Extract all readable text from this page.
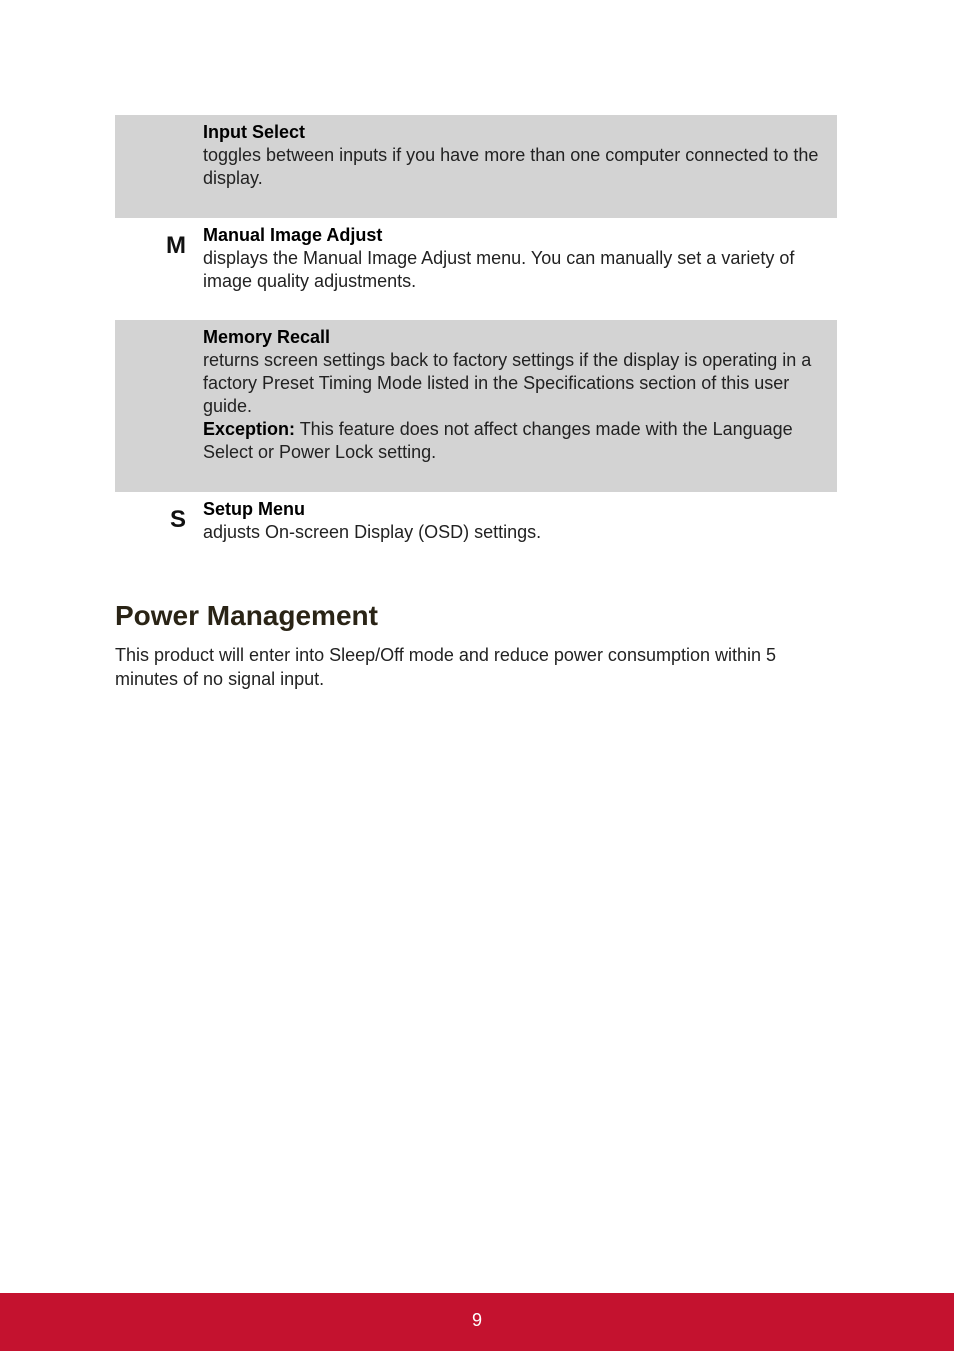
Input Select
toggles between inputs if you have more than one computer connected to the display.
M Manual Image Adjust
displays the Manual Image Adjust menu. You can manually set a variety of image quality adjustments.
Memory Recall
returns screen settings back to factory settings if the display is operating in a factory Preset Timing Mode listed in the Specifications section of this user guide.
Exception: This feature does not affect changes made with the Language Select or Power Lock setting.
S Setup Menu
adjusts On-screen Display (OSD) settings.
Power Management

This product will enter into Sleep/Off mode and reduce power consumption within 5 minutes of no signal input.

9
